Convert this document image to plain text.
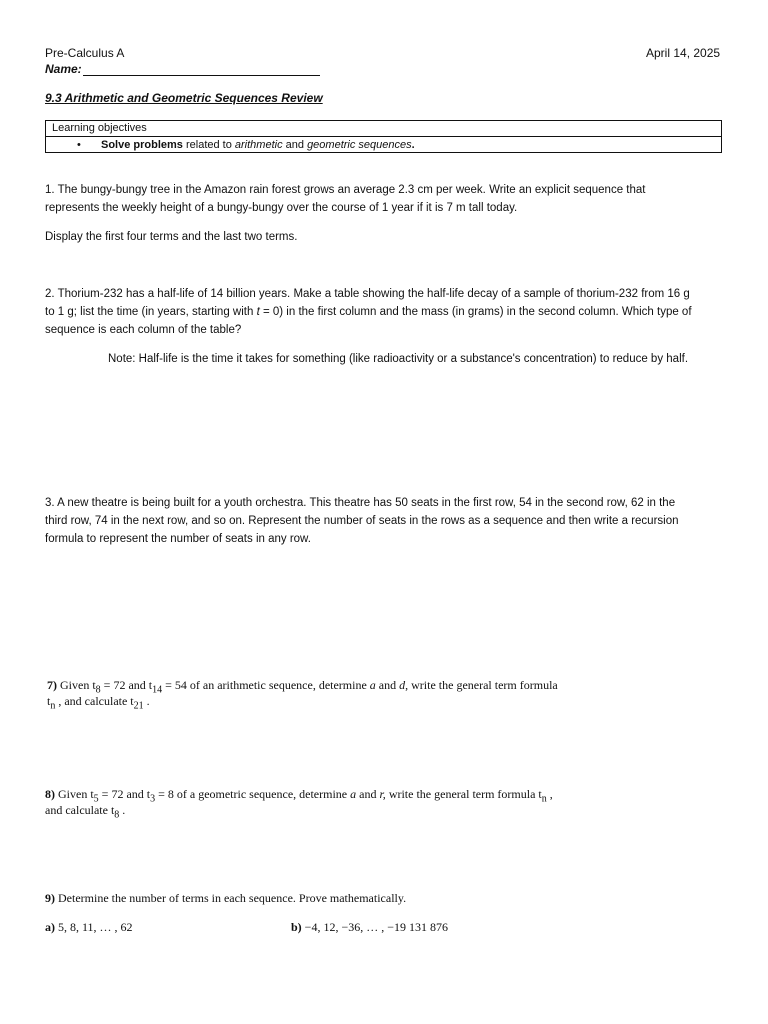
Pre-Calculus A	April 14, 2025
Name:
9.3 Arithmetic and Geometric Sequences Review
Learning objectives
• Solve problems related to arithmetic and geometric sequences.
1. The bungy-bungy tree in the Amazon rain forest grows an average 2.3 cm per week. Write an explicit sequence that
represents the weekly height of a bungy-bungy over the course of 1 year if it is 7 m tall today.
Display the first four terms and the last two terms.
2. Thorium-232 has a half-life of 14 billion years. Make a table showing the half-life decay of a sample of thorium-232 from 16 g
to 1 g; list the time (in years, starting with t = 0) in the first column and the mass (in grams) in the second column. Which type of
sequence is each column of the table?
Note: Half-life is the time it takes for something (like radioactivity or a substance's concentration) to reduce by half.
3. A new theatre is being built for a youth orchestra. This theatre has 50 seats in the first row, 54 in the second row, 62 in the
third row, 74 in the next row, and so on. Represent the number of seats in the rows as a sequence and then write a recursion
formula to represent the number of seats in any row.
7) Given $t_8 = 72$ and $t_{14} = 54$ of an arithmetic sequence, determine a and d, write the general term formula
$t_n$ , and calculate $t_{21}$ .
8) Given $t_5 = 72$ and $t_3 = 8$ of a geometric sequence, determine a and r, write the general term formula $t_n$ ,
and calculate $t_8$ .
9) Determine the number of terms in each sequence. Prove mathematically.
a) 5, 8, 11, … , 62	b) −4, 12, −36, … , −19 131 876
